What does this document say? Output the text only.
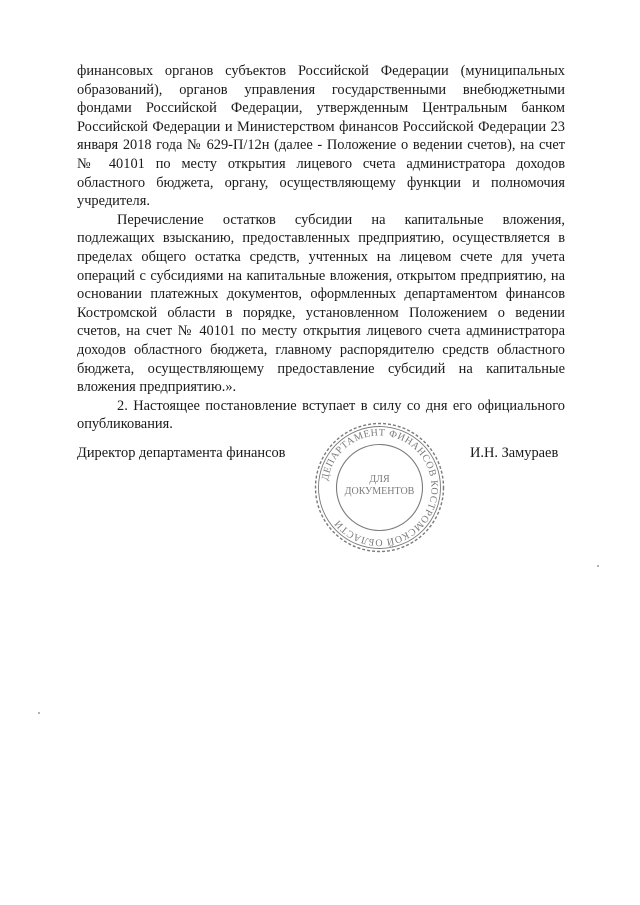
финансовых органов субъектов Российской Федерации (муниципальных образований), органов управления государственными внебюджетными фондами Российской Федерации, утвержденным Центральным банком Российской Федерации и Министерством финансов Российской Федерации 23 января 2018 года № 629-П/12н (далее - Положение о ведении счетов), на счет № 40101 по месту открытия лицевого счета администратора доходов областного бюджета, органу, осуществляющему функции и полномочия учредителя.

Перечисление остатков субсидии на капитальные вложения, подлежащих взысканию, предоставленных предприятию, осуществляется в пределах общего остатка средств, учтенных на лицевом счете для учета операций с субсидиями на капитальные вложения, открытом предприятию, на основании платежных документов, оформленных департаментом финансов Костромской области в порядке, установленном Положением о ведении счетов, на счет № 40101 по месту открытия лицевого счета администратора доходов областного бюджета, главному распорядителю средств областного бюджета, осуществляющему предоставление субсидий на капитальные вложения предприятию.».

2. Настоящее постановление вступает в силу со дня его официального опубликования.

Директор департамента финансов	И.Н. Замураев
ДЕПАРТАМЕНТ ФИНАНСОВ КОСТРОМСКОЙ ОБЛАСТИ
ДЛЯ
ДОКУМЕНТОВ
